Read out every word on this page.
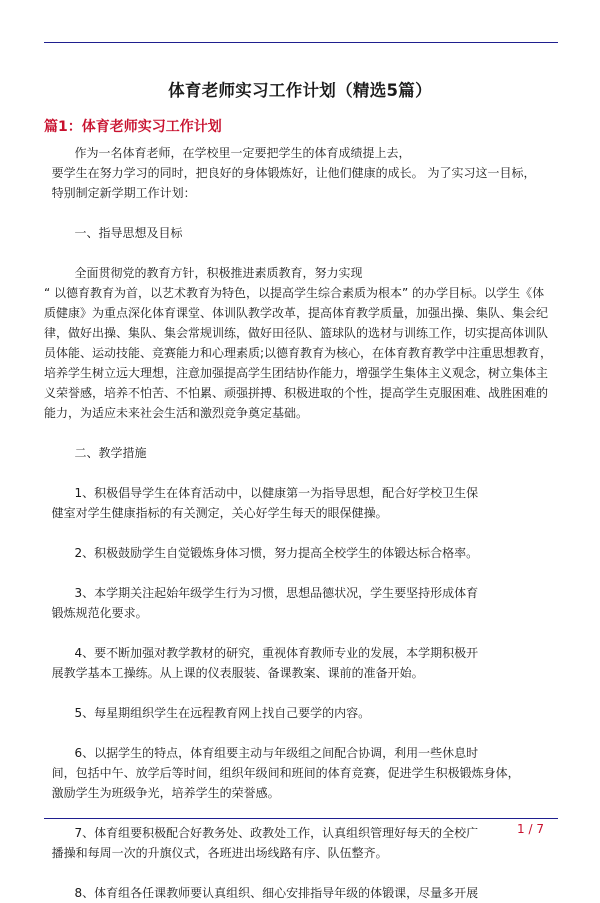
体育老师实习工作计划（精选5篇）
篇1：体育老师实习工作计划

作为一名体育老师，在学校里一定要把学生的体育成绩提上去，

要学生在努力学习的同时，把良好的身体锻炼好，让他们健康的成长。 为了实习这一目标，

特别制定新学期工作计划：

一、指导思想及目标

全面贯彻党的教育方针，积极推进素质教育，努力实现

“ 以德育教育为首，以艺术教育为特色，以提高学生综合素质为根本” 的办学目标。以学生《体

质健康》为重点深化体育课堂、体训队教学改革，提高体育教学质量，加强出操、集队、集会纪

律，做好出操、集队、集会常规训练，做好田径队、篮球队的选材与训练工作，切实提高体训队

员体能、运动技能、竞赛能力和心理素质;以德育教育为核心，在体育教育教学中注重思想教育，

培养学生树立远大理想，注意加强提高学生团结协作能力，增强学生集体主义观念，树立集体主

义荣誉感，培养不怕苦、不怕累、顽强拼搏、积极进取的个性，提高学生克服困难、战胜困难的

能力，为适应未来社会生活和激烈竞争奠定基础。

二、教学措施

1、积极倡导学生在体育活动中，以健康第一为指导思想，配合好学校卫生保

健室对学生健康指标的有关测定，关心好学生每天的眼保健操。

2、积极鼓励学生自觉锻炼身体习惯，努力提高全校学生的体锻达标合格率。

3、本学期关注起始年级学生行为习惯，思想品德状况，学生要坚持形成体育

锻炼规范化要求。

4、要不断加强对教学教材的研究，重视体育教师专业的发展，本学期积极开

展教学基本工操练。从上课的仪表服装、备课教案、课前的准备开始。

5、每星期组织学生在远程教育网上找自己要学的内容。

6、以据学生的特点，体育组要主动与年级组之间配合协调，利用一些休息时

间，包括中午、放学后等时间，组织年级间和班间的体育竞赛，促进学生积极锻炼身体，

激励学生为班级争光，培养学生的荣誉感。

7、体育组要积极配合好教务处、政教处工作，认真组织管理好每天的全校广

播操和每周一次的升旗仪式，各班进出场线路有序、队伍整齐。

8、体育组各任课教师要认真组织、细心安排指导年级的体锻课，尽量多开展

1 / 7
